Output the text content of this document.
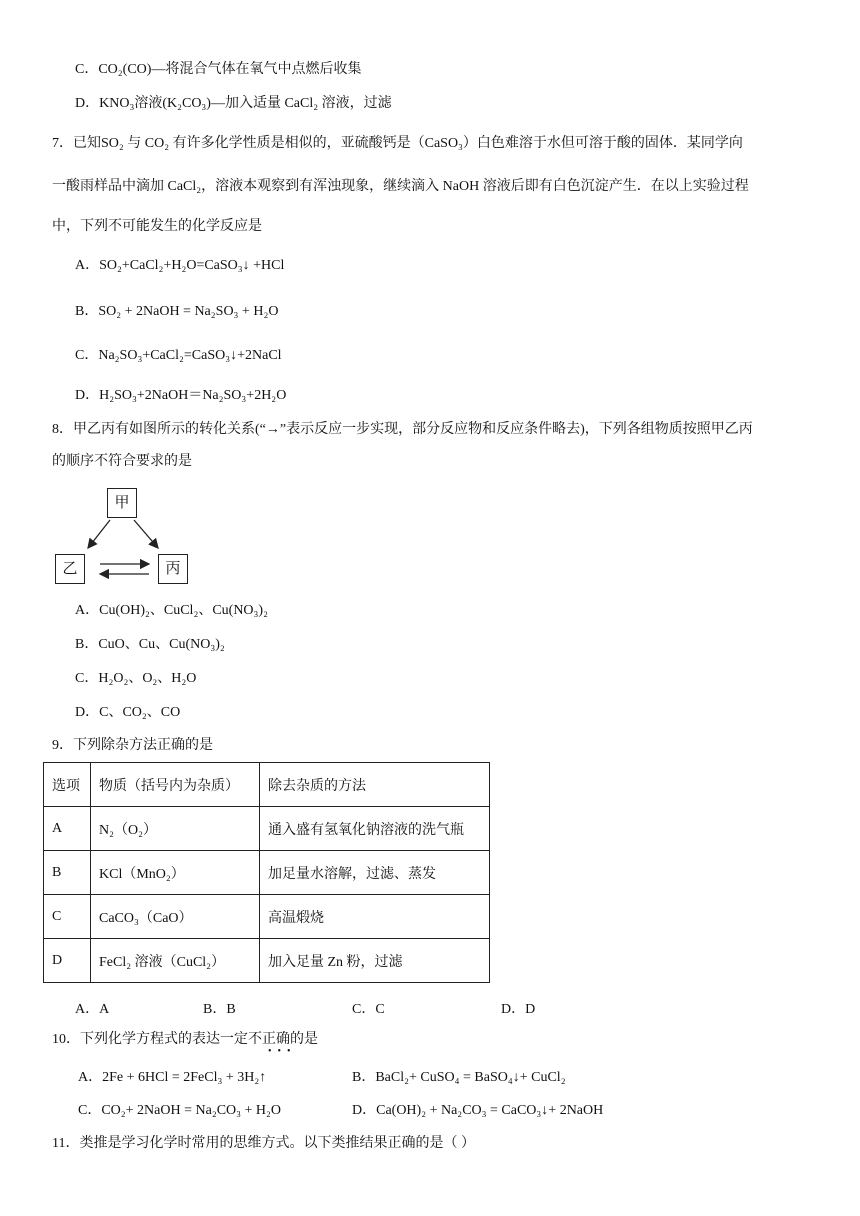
C．CO₂(CO)—将混合气体在氧气中点燃后收集
D．KNO₃溶液(K₂CO₃)—加入适量 CaCl₂ 溶液，过滤
7．已知SO₂ 与 CO₂ 有许多化学性质是相似的，亚硫酸钙是（CaSO₃）白色难溶于水但可溶于酸的固体．某同学向
一酸雨样品中滴加 CaCl₂，溶液本观察到有浑浊现象，继续滴入 NaOH 溶液后即有白色沉淀产生．在以上实验过程
中，下列不可能发生的化学反应是
A．SO₂+CaCl₂+H₂O=CaSO₃↓ +HCl
B．SO₂ + 2NaOH = Na₂SO₃ + H₂O
C．Na₂SO₃+CaCl₂=CaSO₃↓+2NaCl
D．H₂SO₃+2NaOH＝Na₂SO₃+2H₂O
8．甲乙丙有如图所示的转化关系(“→”表示反应一步实现，部分反应物和反应条件略去)，下列各组物质按照甲乙丙
的顺序不符合要求的是
甲
乙	丙
A．Cu(OH)₂、CuCl₂、Cu(NO₃)₂
B．CuO、Cu、Cu(NO₃)₂
C．H₂O₂、O₂、H₂O
D．C、CO₂、CO
9．下列除杂方法正确的是
选项	物质（括号内为杂质）	除去杂质的方法
A	N₂（O₂）	通入盛有氢氧化钠溶液的洗气瓶
B	KCl（MnO₂）	加足量水溶解，过滤、蒸发
C	CaCO₃（CaO）	高温煅烧
D	FeCl₂ 溶液（CuCl₂）	加入足量 Zn 粉，过滤
A．A	B．B	C．C	D．D
10．下列化学方程式的表达一定不正确的是
•••
A．2Fe + 6HCl = 2FeCl₃ + 3H₂↑	B．BaCl₂+ CuSO₄ = BaSO₄↓+ CuCl₂
C．CO₂+ 2NaOH = Na₂CO₃ + H₂O	D．Ca(OH)₂ + Na₂CO₃ = CaCO₃↓+ 2NaOH
11．类推是学习化学时常用的思维方式。以下类推结果正确的是（ ）
